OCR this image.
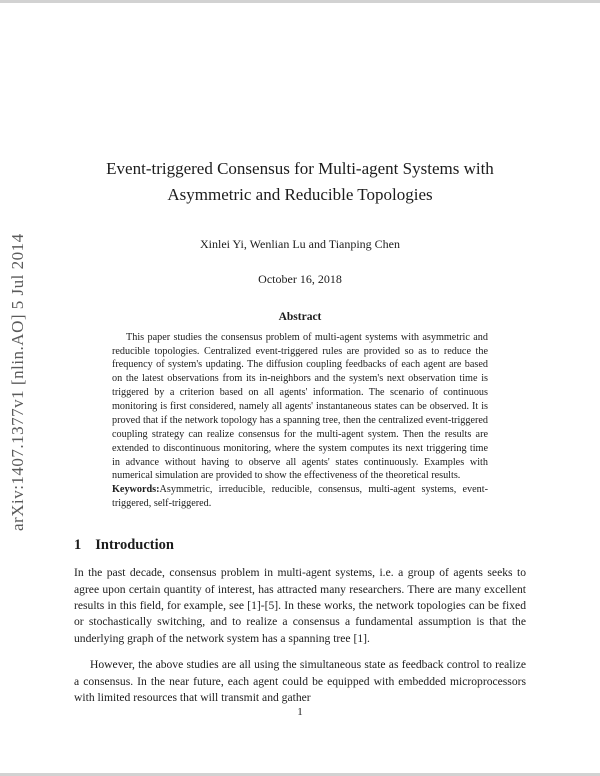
arXiv:1407.1377v1 [nlin.AO] 5 Jul 2014
Event-triggered Consensus for Multi-agent Systems with Asymmetric and Reducible Topologies
Xinlei Yi, Wenlian Lu and Tianping Chen
October 16, 2018
Abstract

This paper studies the consensus problem of multi-agent systems with asymmetric and reducible topologies. Centralized event-triggered rules are provided so as to reduce the frequency of system's updating. The diffusion coupling feedbacks of each agent are based on the latest observations from its in-neighbors and the system's next observation time is triggered by a criterion based on all agents' information. The scenario of continuous monitoring is first considered, namely all agents' instantaneous states can be observed. It is proved that if the network topology has a spanning tree, then the centralized event-triggered coupling strategy can realize consensus for the multi-agent system. Then the results are extended to discontinuous monitoring, where the system computes its next triggering time in advance without having to observe all agents' states continuously. Examples with numerical simulation are provided to show the effectiveness of the theoretical results.

Keywords:Asymmetric, irreducible, reducible, consensus, multi-agent systems, event-triggered, self-triggered.

1 Introduction

In the past decade, consensus problem in multi-agent systems, i.e. a group of agents seeks to agree upon certain quantity of interest, has attracted many researchers. There are many excellent results in this field, for example, see [1]-[5]. In these works, the network topologies can be fixed or stochastically switching, and to realize a consensus a fundamental assumption is that the underlying graph of the network system has a spanning tree [1].

However, the above studies are all using the simultaneous state as feedback control to realize a consensus. In the near future, each agent could be equipped with embedded microprocessors with limited resources that will transmit and gather

1
